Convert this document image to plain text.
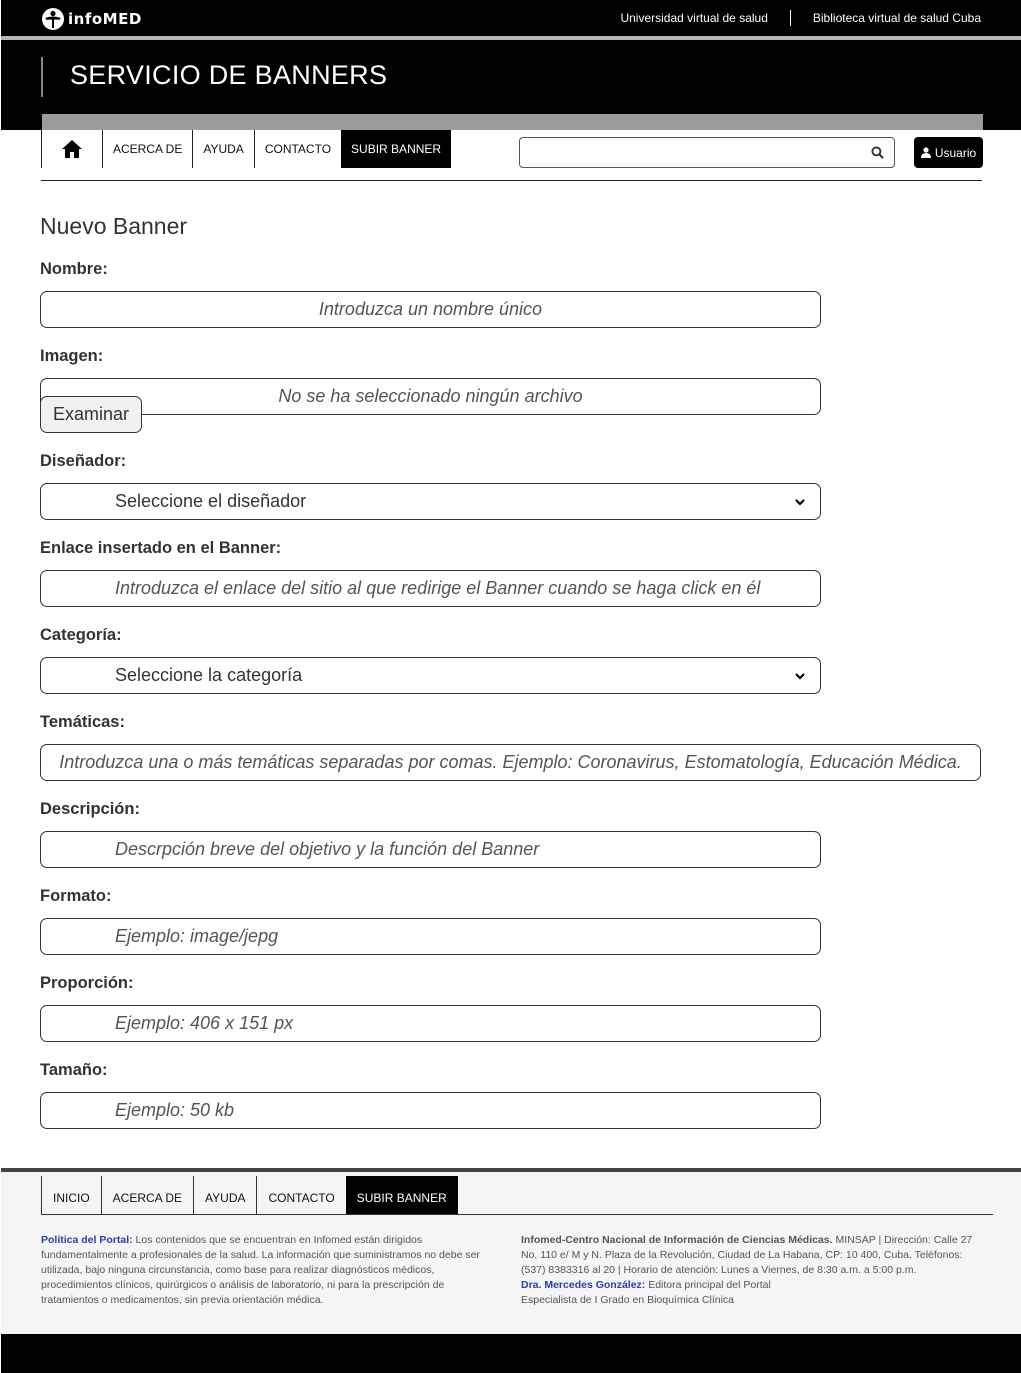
infoMED	Universidad virtual de salud	Biblioteca virtual de salud Cuba
SERVICIO DE BANNERS
ACERCA DE	AYUDA	CONTACTO	SUBIR BANNER	Usuario
Nuevo Banner
Nombre:
Introduzca un nombre único
Imagen:
No se ha seleccionado ningún archivo
Examinar
Diseñador:
Seleccione el diseñador
Enlace insertado en el Banner:
Introduzca el enlace del sitio al que redirige el Banner cuando se haga click en él
Categoría:
Seleccione la categoría
Temáticas:
Introduzca una o más temáticas separadas por comas. Ejemplo: Coronavirus, Estomatología, Educación Médica.
Descripción:
Descrpción breve del objetivo y la función del Banner
Formato:
Ejemplo: image/jepg
Proporción:
Ejemplo: 406 x 151 px
Tamaño:
Ejemplo: 50 kb
INICIO	ACERCA DE	AYUDA	CONTACTO	SUBIR BANNER
Política del Portal: Los contenidos que se encuentran en Infomed están dirigidos fundamentalmente a profesionales de la salud. La información que suministramos no debe ser utilizada, bajo ninguna circunstancia, como base para realizar diagnósticos médicos, procedimientos clínicos, quirúrgicos o análisis de laboratorio, ni para la prescripción de tratamientos o medicamentos, sin previa orientación médica.
Infomed-Centro Nacional de Información de Ciencias Médicas. MINSAP | Dirección: Calle 27 No. 110 e/ M y N. Plaza de la Revolución, Ciudad de La Habana, CP: 10 400, Cuba. Teléfonos: (537) 8383316 al 20 | Horario de atención: Lunes a Viernes, de 8:30 a.m. a 5:00 p.m.
Dra. Mercedes González: Editora principal del Portal
Especialista de I Grado en Bioquímica Clínica
